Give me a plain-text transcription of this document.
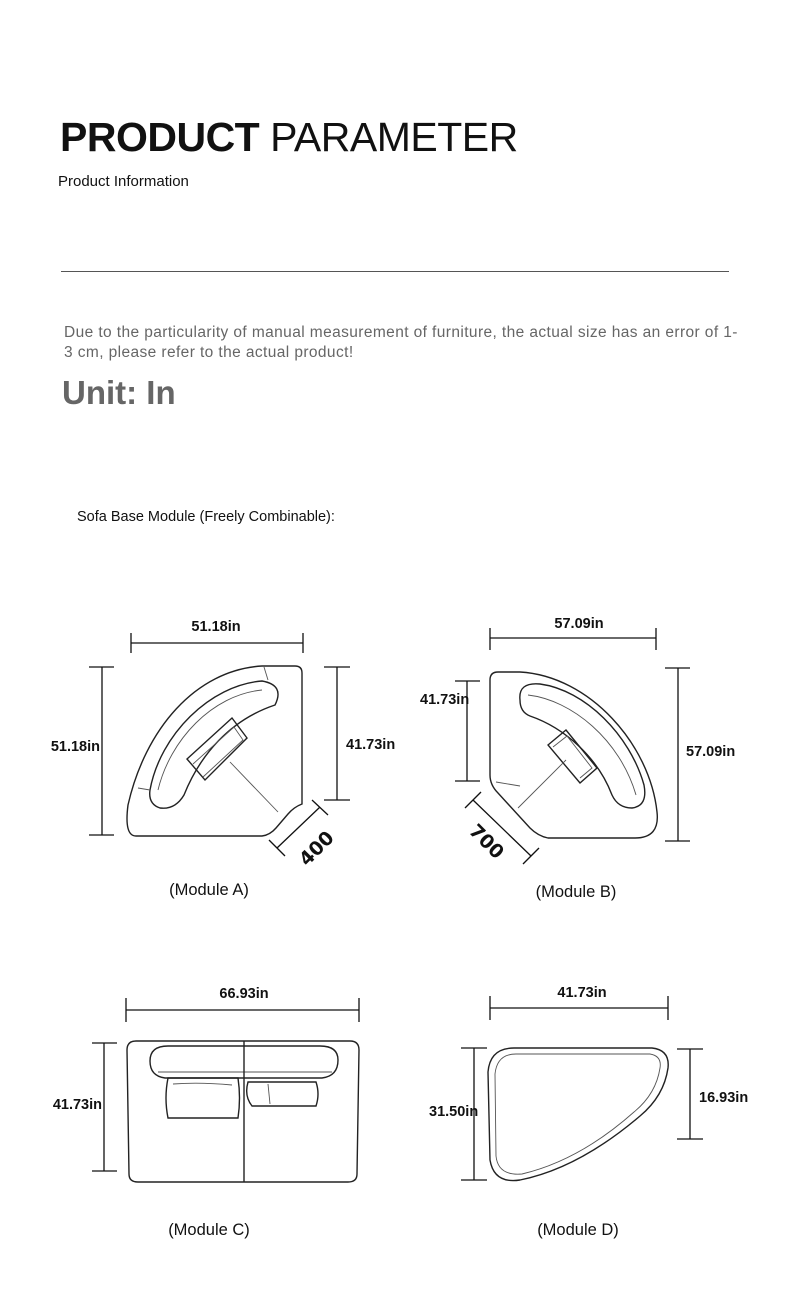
PRODUCT PARAMETER
Product Information
Due to the particularity of manual measurement of furniture, the actual size has an error of 1-3 cm, please refer to the actual product!
Unit: In
Sofa Base Module (Freely Combinable):
51.18in
51.18in	41.73in
400
(Module A)
57.09in
41.73in
57.09in
700
(Module B)
66.93in
41.73in
(Module C)
41.73in
31.50in
16.93in
(Module D)
